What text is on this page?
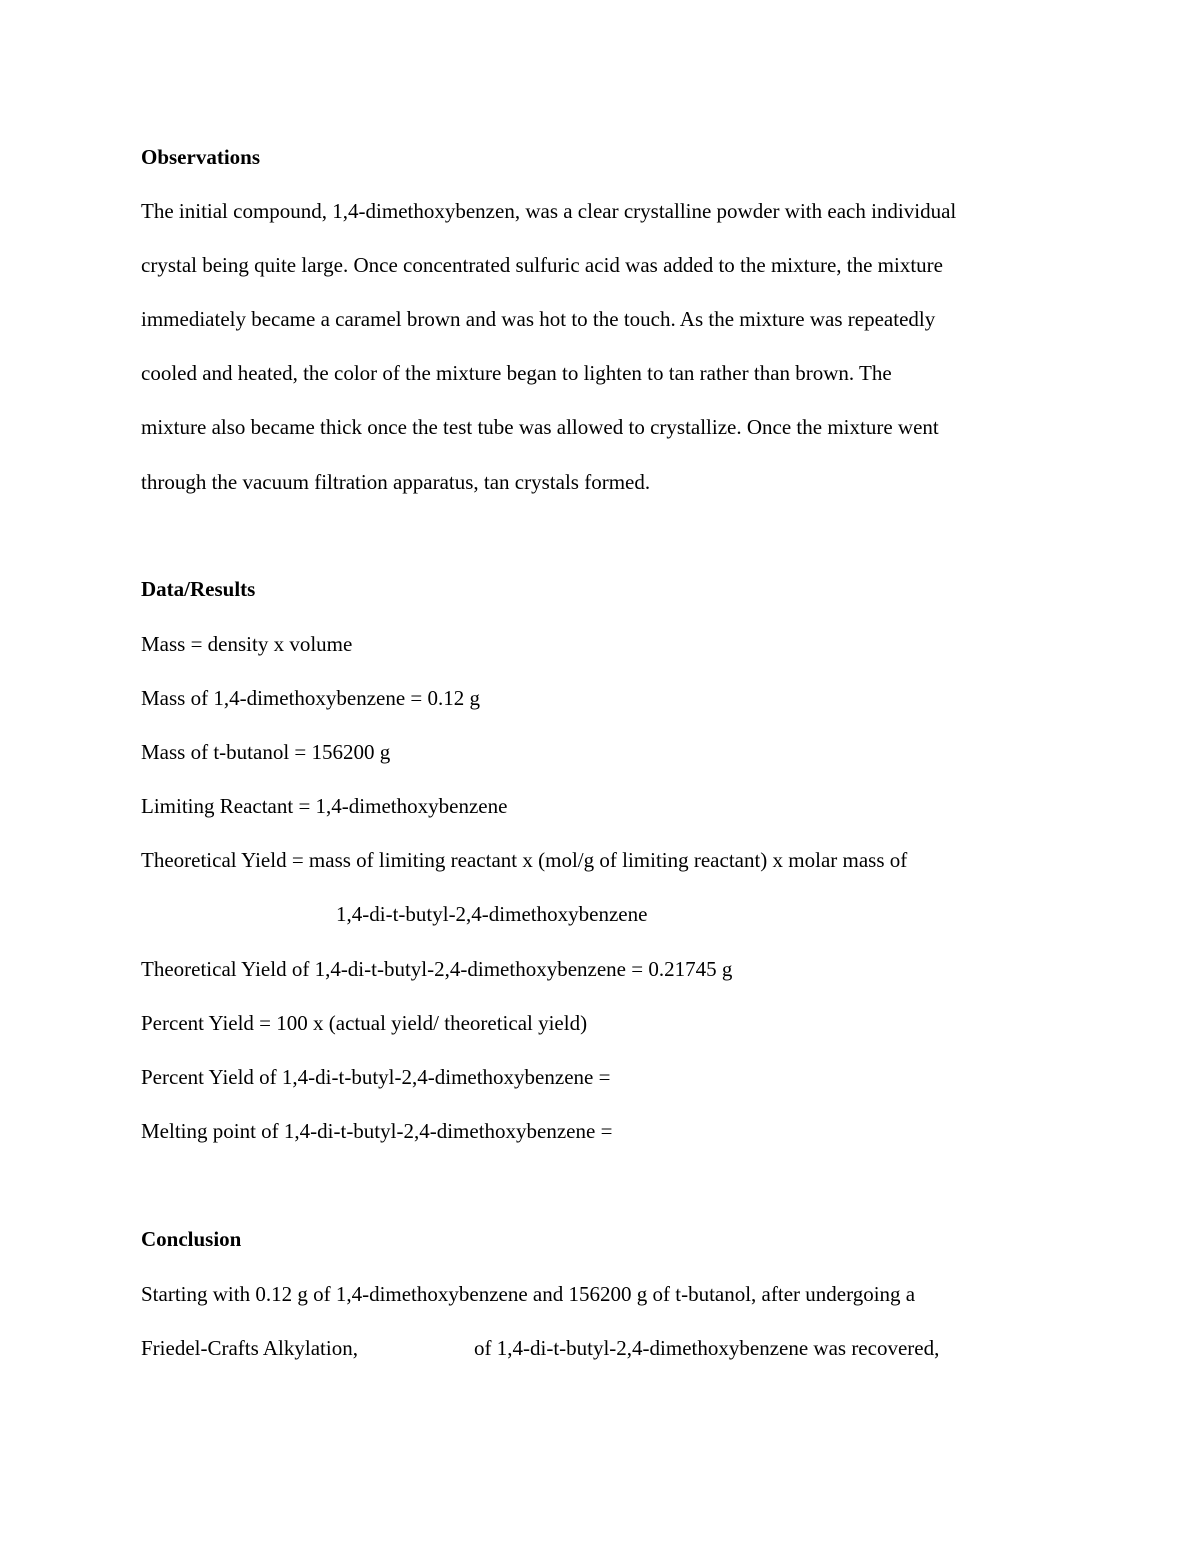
Observations
The initial compound, 1,4-dimethoxybenzen, was a clear crystalline powder with each individual
crystal being quite large. Once concentrated sulfuric acid was added to the mixture, the mixture
immediately became a caramel brown and was hot to the touch. As the mixture was repeatedly
cooled and heated, the color of the mixture began to lighten to tan rather than brown. The
mixture also became thick once the test tube was allowed to crystallize. Once the mixture went
through the vacuum filtration apparatus, tan crystals formed.
Data/Results
Mass = density x volume
Mass of 1,4-dimethoxybenzene = 0.12 g
Mass of t-butanol = 156200 g
Limiting Reactant = 1,4-dimethoxybenzene
Theoretical Yield = mass of limiting reactant x (mol/g of limiting reactant) x molar mass of
1,4-di-t-butyl-2,4-dimethoxybenzene
Theoretical Yield of 1,4-di-t-butyl-2,4-dimethoxybenzene = 0.21745 g
Percent Yield = 100 x (actual yield/ theoretical yield)
Percent Yield of 1,4-di-t-butyl-2,4-dimethoxybenzene =
Melting point of 1,4-di-t-butyl-2,4-dimethoxybenzene =
Conclusion
Starting with 0.12 g of 1,4-dimethoxybenzene and 156200 g of t-butanol, after undergoing a
Friedel-Crafts Alkylation,	of 1,4-di-t-butyl-2,4-dimethoxybenzene was recovered,
